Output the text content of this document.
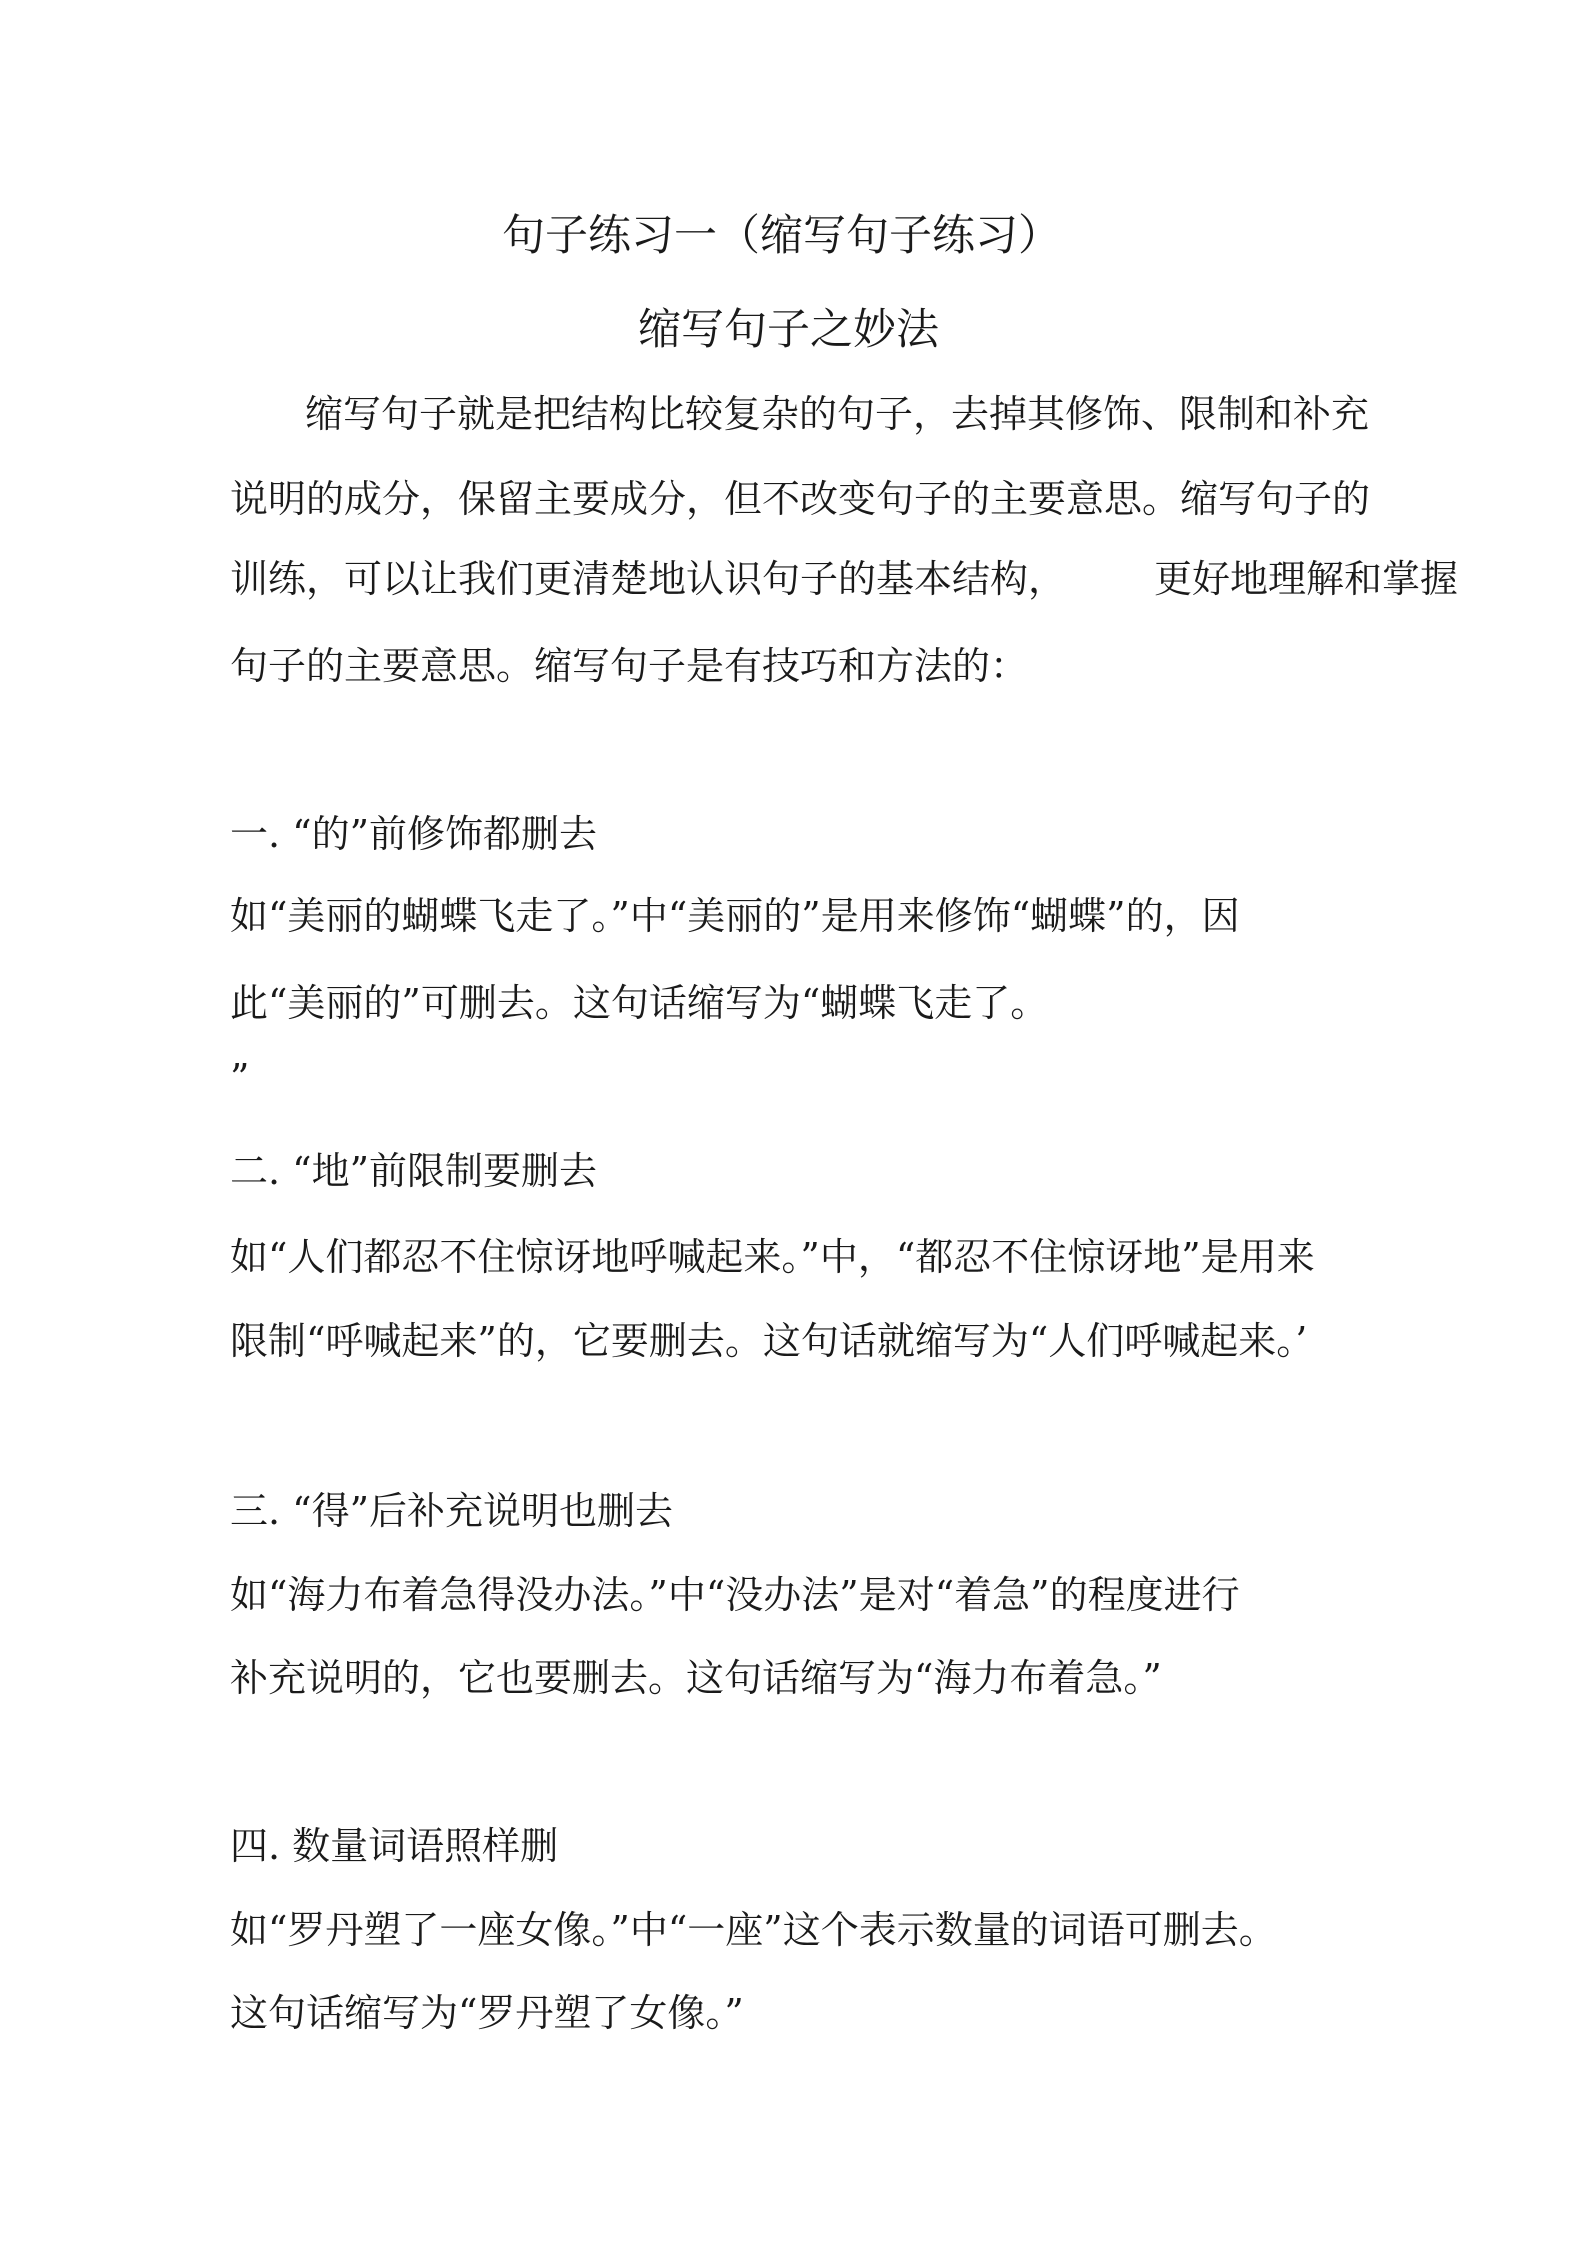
句子练习一（缩写句子练习）
缩写句子之妙法
缩写句子就是把结构比较复杂的句子，去掉其修饰、限制和补充
说明的成分，保留主要成分，但不改变句子的主要意思。缩写句子的
训练，可以让我们更清楚地认识句子的基本结构， 更好地理解和掌握
句子的主要意思。缩写句子是有技巧和方法的：
一. “的”前修饰都删去
如“美丽的蝴蝶飞走了。”中“美丽的”是用来修饰“蝴蝶”的，因
此“美丽的”可删去。这句话缩写为“蝴蝶飞走了。
”
二. “地”前限制要删去
如“人们都忍不住惊讶地呼喊起来。”中，“都忍不住惊讶地”是用来
限制“呼喊起来”的，它要删去。这句话就缩写为“人们呼喊起来。’
三. “得”后补充说明也删去
如“海力布着急得没办法。”中“没办法”是对“着急”的程度进行
补充说明的，它也要删去。这句话缩写为“海力布着急。”
四. 数量词语照样删
如“罗丹塑了一座女像。”中“一座”这个表示数量的词语可删去。
这句话缩写为“罗丹塑了女像。”
